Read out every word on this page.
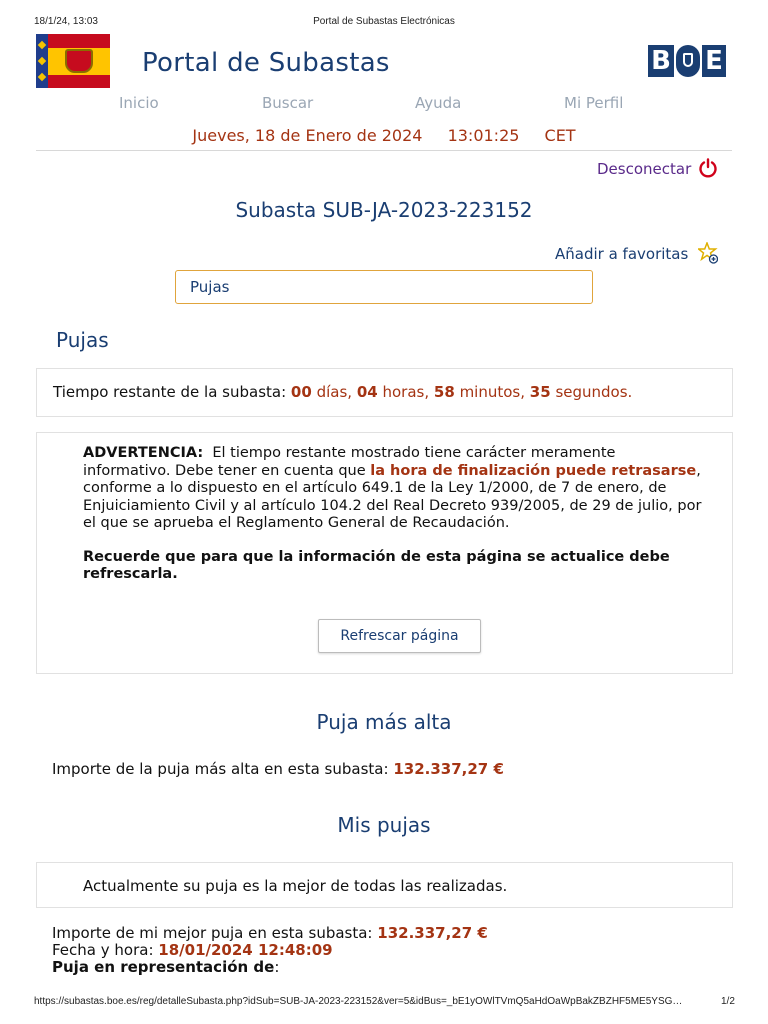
18/1/24, 13:03	Portal de Subastas Electrónicas
Portal de Subastas	B E
Inicio	Buscar	Ayuda	Mi Perfil
Jueves, 18 de Enero de 2024 13:01:25 CET
Desconectar
Subasta SUB-JA-2023-223152
Añadir a favoritas
Pujas
Pujas
Tiempo restante de la subasta: 00 días, 04 horas, 58 minutos, 35 segundos.

ADVERTENCIA: El tiempo restante mostrado tiene carácter meramente informativo. Debe tener en cuenta que la hora de finalización puede retrasarse, conforme a lo dispuesto en el artículo 649.1 de la Ley 1/2000, de 7 de enero, de Enjuiciamiento Civil y al artículo 104.2 del Real Decreto 939/2005, de 29 de julio, por el que se aprueba el Reglamento General de Recaudación.

Recuerde que para que la información de esta página se actualice debe refrescarla.

Refrescar página
Puja más alta
Importe de la puja más alta en esta subasta: 132.337,27 €
Mis pujas
Actualmente su puja es la mejor de todas las realizadas.
Importe de mi mejor puja en esta subasta: 132.337,27 €
Fecha y hora: 18/01/2024 12:48:09
Puja en representación de:
https://subastas.boe.es/reg/detalleSubasta.php?idSub=SUB-JA-2023-223152&ver=5&idBus=_bE1yOWlTVmQ5aHdOaWpBakZBZHF5ME5YSG…	1/2
